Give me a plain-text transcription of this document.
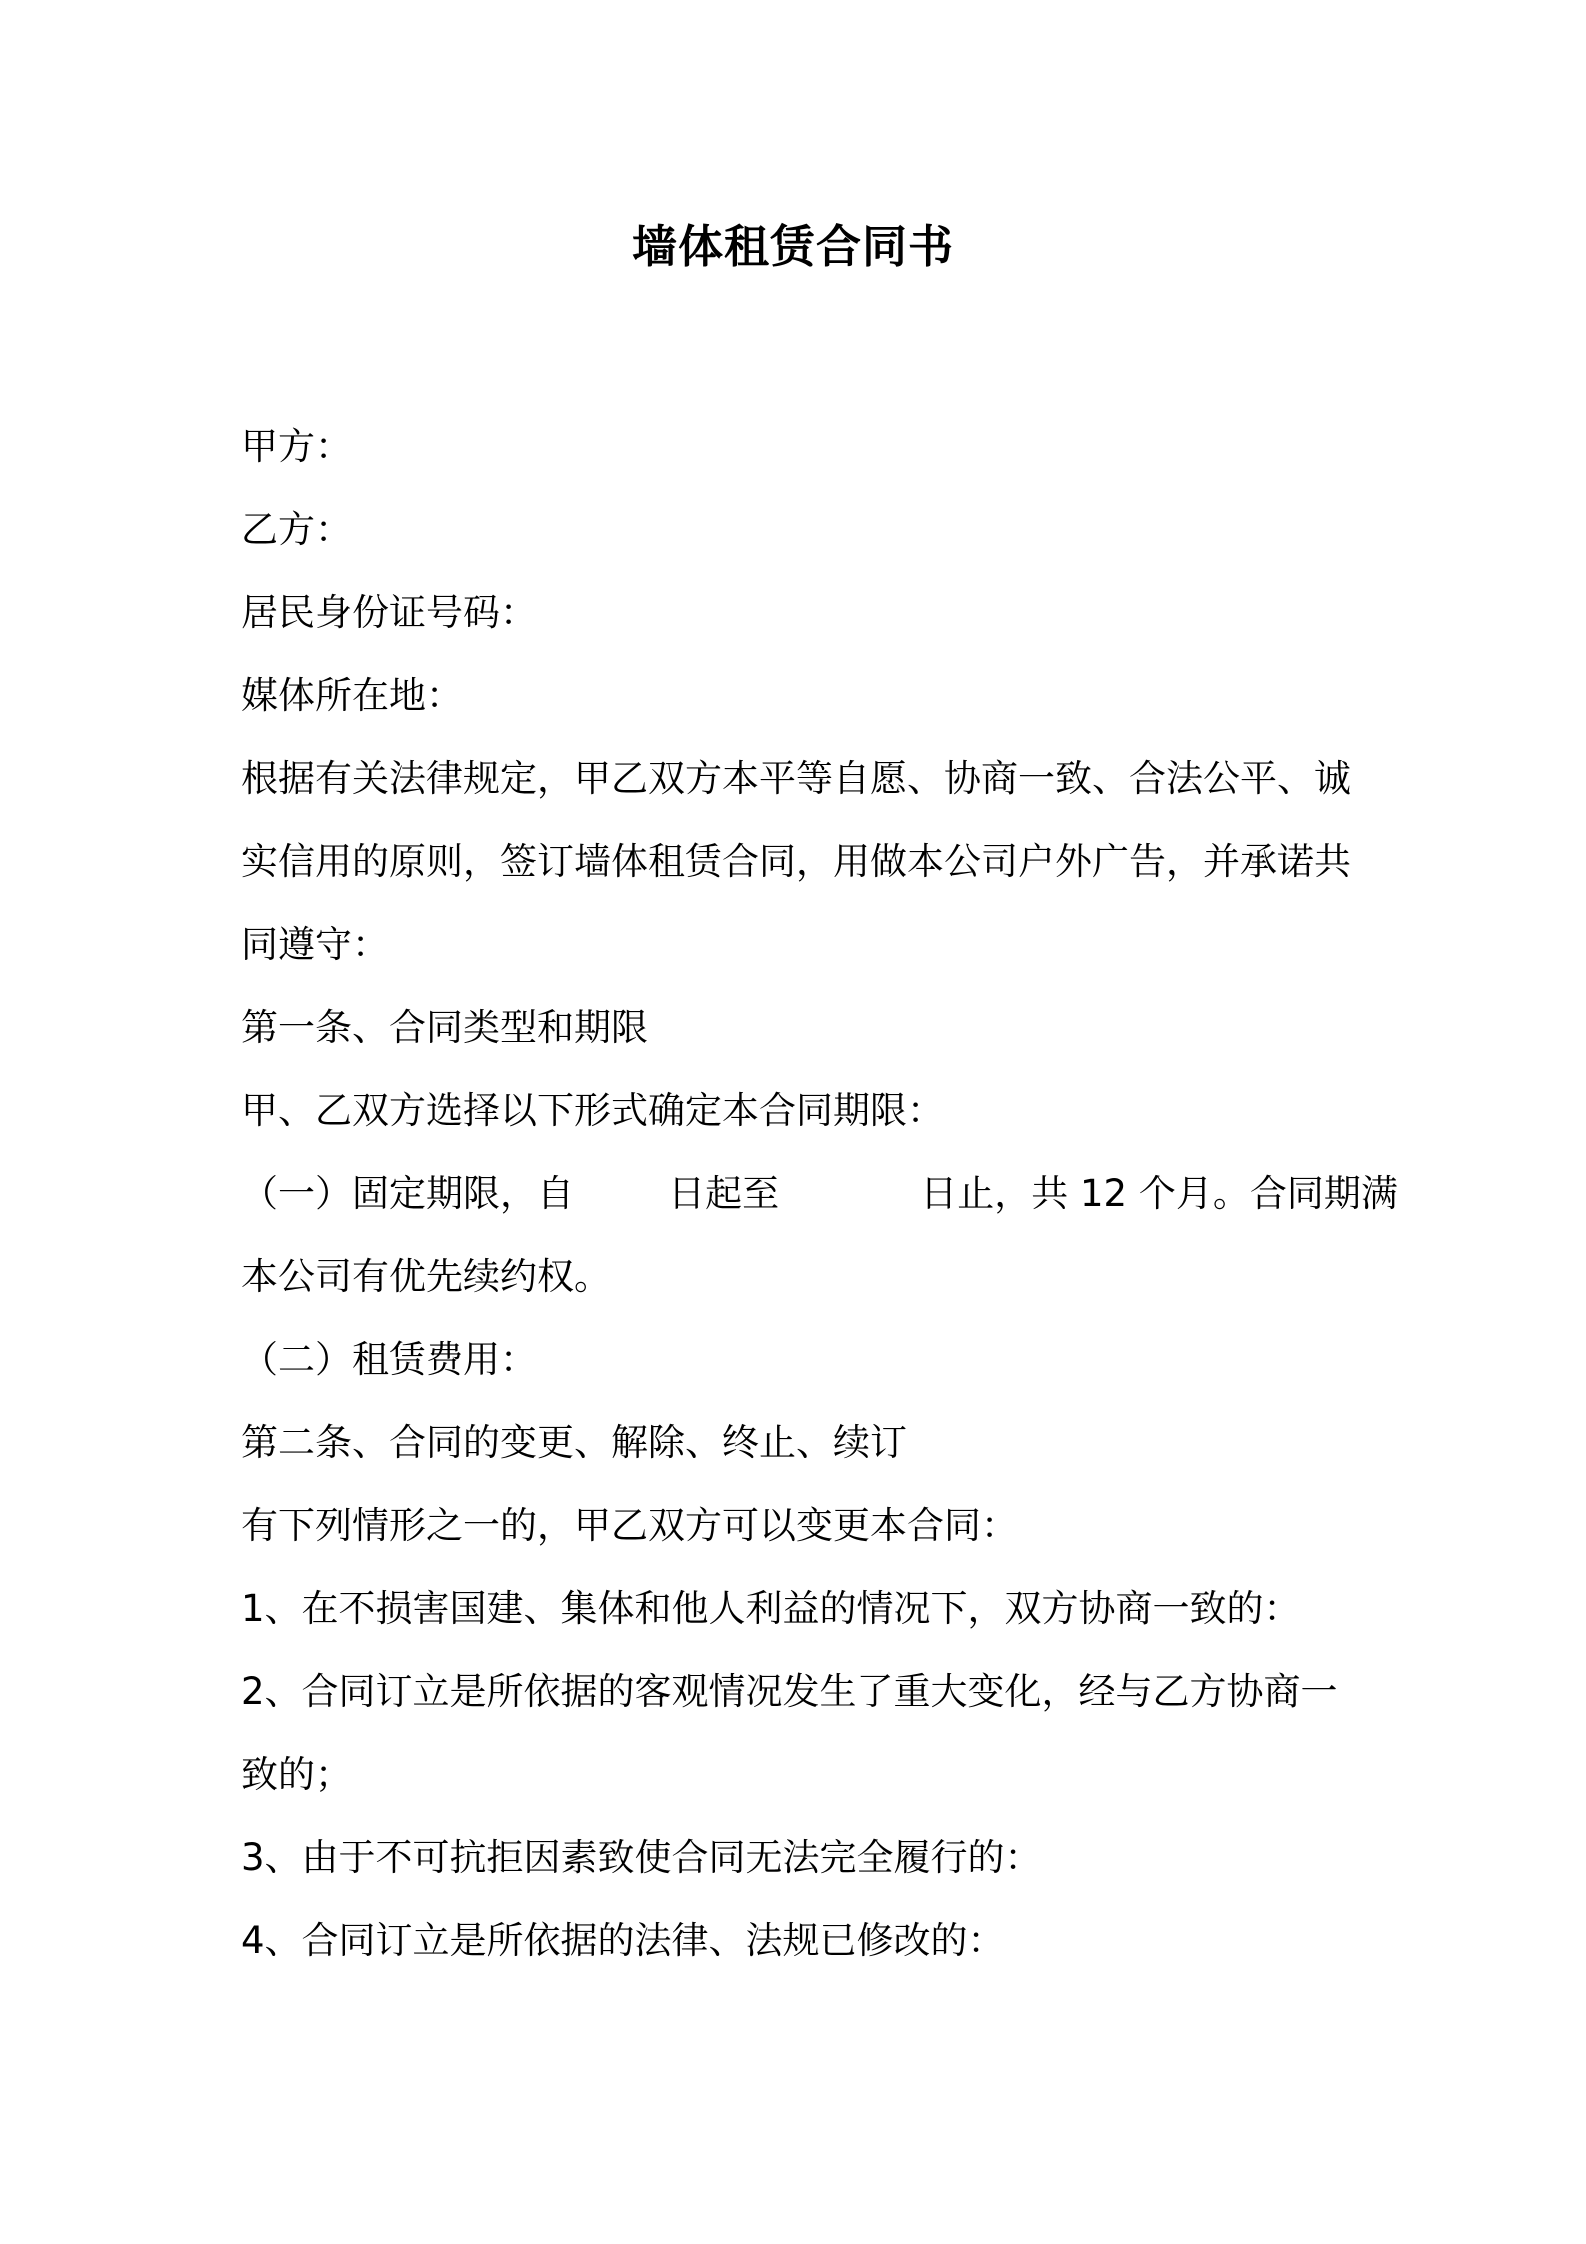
墙体租赁合同书
甲方：
乙方：
居民身份证号码：
媒体所在地：
根据有关法律规定，甲乙双方本平等自愿、协商一致、合法公平、诚
实信用的原则，签订墙体租赁合同，用做本公司户外广告，并承诺共
同遵守：
第一条、合同类型和期限
甲、乙双方选择以下形式确定本合同期限：
（一）固定期限，自        日起至            日止，共 12 个月。合同期满
本公司有优先续约权。
（二）租赁费用：
第二条、合同的变更、解除、终止、续订
有下列情形之一的，甲乙双方可以变更本合同：
1、在不损害国建、集体和他人利益的情况下，双方协商一致的：
2、合同订立是所依据的客观情况发生了重大变化，经与乙方协商一
致的；
3、由于不可抗拒因素致使合同无法完全履行的：
4、合同订立是所依据的法律、法规已修改的：
